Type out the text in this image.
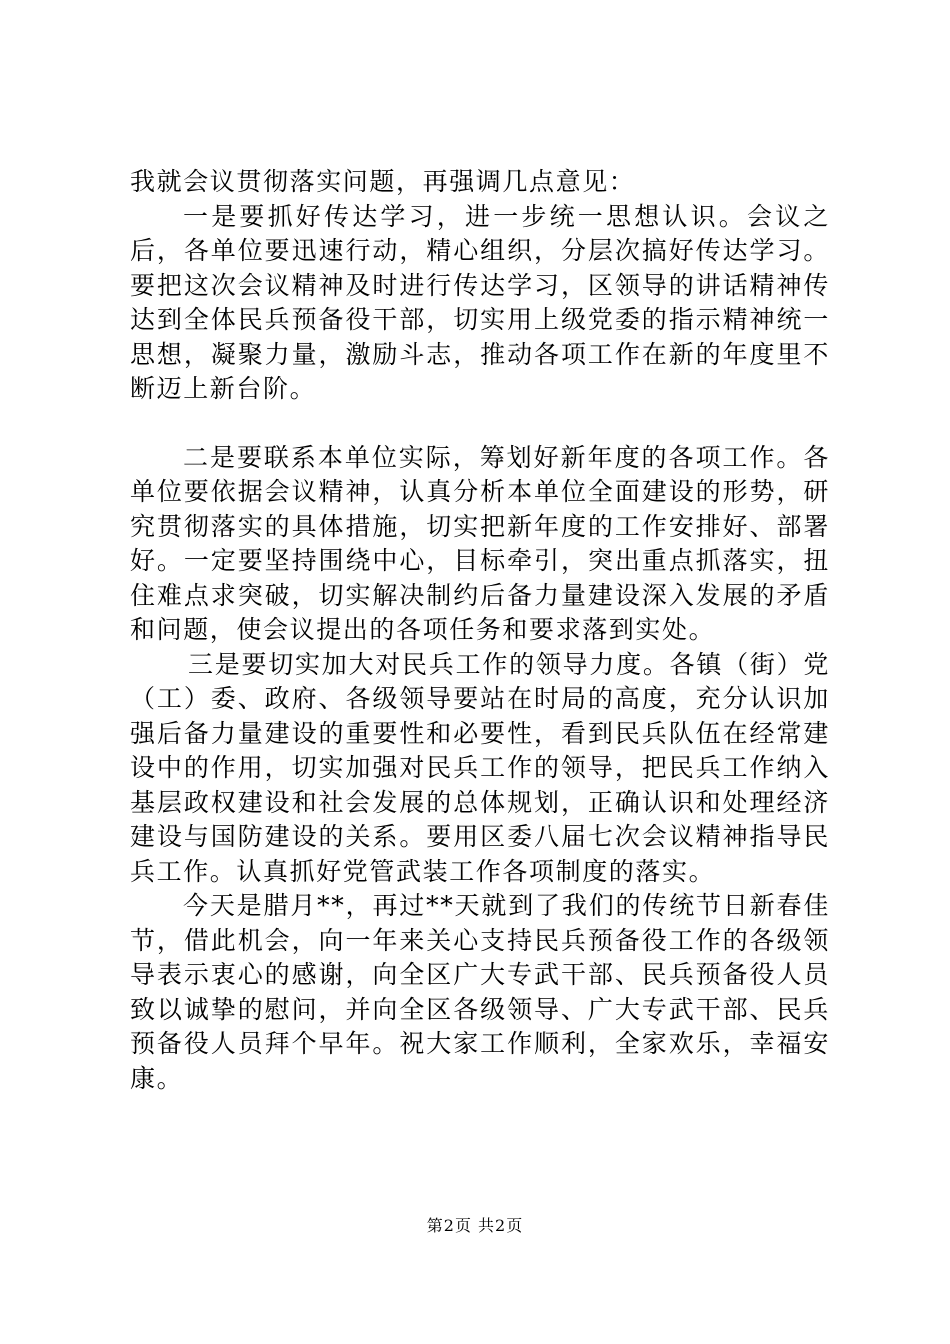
我就会议贯彻落实问题，再强调几点意见：

一是要抓好传达学习，进一步统一思想认识。会议之后，各单位要迅速行动，精心组织，分层次搞好传达学习。要把这次会议精神及时进行传达学习，区领导的讲话精神传达到全体民兵预备役干部，切实用上级党委的指示精神统一思想，凝聚力量，激励斗志，推动各项工作在新的年度里不断迈上新台阶。

二是要联系本单位实际，筹划好新年度的各项工作。各单位要依据会议精神，认真分析本单位全面建设的形势，研究贯彻落实的具体措施，切实把新年度的工作安排好、部署好。一定要坚持围绕中心，目标牵引，突出重点抓落实，扭住难点求突破，切实解决制约后备力量建设深入发展的矛盾和问题，使会议提出的各项任务和要求落到实处。

三是要切实加大对民兵工作的领导力度。各镇（街）党（工）委、政府、各级领导要站在时局的高度，充分认识加强后备力量建设的重要性和必要性，看到民兵队伍在经常建设中的作用，切实加强对民兵工作的领导，把民兵工作纳入基层政权建设和社会发展的总体规划，正确认识和处理经济建设与国防建设的关系。要用区委八届七次会议精神指导民兵工作。认真抓好党管武装工作各项制度的落实。

今天是腊月**，再过**天就到了我们的传统节日新春佳节，借此机会，向一年来关心支持民兵预备役工作的各级领导表示衷心的感谢，向全区广大专武干部、民兵预备役人员致以诚挚的慰问，并向全区各级领导、广大专武干部、民兵预备役人员拜个早年。祝大家工作顺利，全家欢乐，幸福安康。

第2页 共2页
